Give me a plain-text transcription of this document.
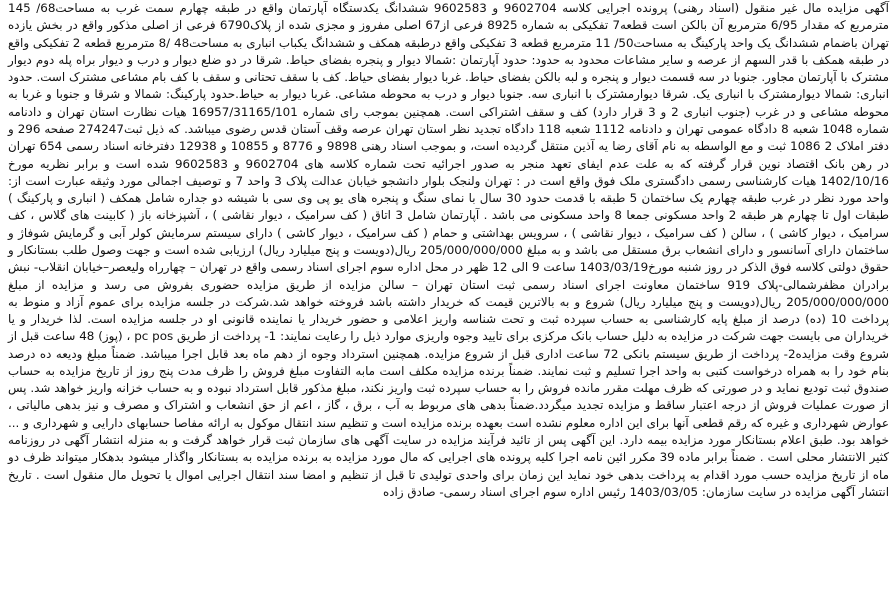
آگهی مزایده مال غیر منقول (اسناد رهنی) پرونده اجرایی کلاسه 9602704 و 9602583 ششدانگ یکدستگاه آپارتمان واقع در طبقه چهارم سمت غرب به مساحت68/ 145 مترمربع که مقدار 6/95 مترمربع آن بالکن است قطعه7 تفکیکی به شماره 8925 فرعی از67 اصلی مفروز و مجزی شده از پلاک6790 فرعی از اصلی مذکور واقع در بخش یازده تهران باضمام ششدانگ یک واحد پارکینگ به مساحت50/ 11 مترمربع قطعه 3 تفکیکی واقع درطبقه همکف و ششدانگ یکباب انباری به مساحت48 /8 مترمربع قطعه 2 تفکیکی واقع در طبقه همکف با قدر السهم از عرصه و سایر مشاعات محدود به حدود: حدود آپارتمان :شمالا دیوار و پنجره بفضای حیاط. شرقا در دو ضلع دیوار و درب و دیوار براه پله دوم دیوار مشترک با آپارتمان مجاور. جنوبا در سه قسمت دیوار و پنجره و لبه بالکن بفضای حیاط. غربا دیوار بفضای حیاط. کف با سقف تحتانی و سقف با کف بام مشاعی مشترک است. حدود انباری: شمالا دیوارمشترک با انباری یک. شرقا دیوارمشترک با انباری سه. جنوبا دیوار و درب به محوطه مشاعی. غربا دیوار به حیاط.حدود پارکینگ: شمالا و شرقا و جنوبا و غربا به محوطه مشاعی و در غرب (جنوب انباری 2 و 3 قرار دارد) کف و سقف اشتراکی است. همچنین بموجب رای شماره 16957/31165/101 هیات نظارت استان تهران و دادنامه شماره 1048 شعبه 8 دادگاه عمومی تهران و دادنامه 1112 شعبه 118 دادگاه تجدید نظر استان تهران عرصه وقف آستان قدس رضوی میباشد. که ذیل ثبت274247 صفحه 296 و دفتر املاک 2 1086 ثبت و مع الواسطه به نام آقای رضا یه آذین منتقل گردیده است، و بموجب اسناد رهنی 9898 و 8776 و 10855 و 12938 دفترخانه اسناد رسمی 654 تهران در رهن بانک اقتصاد نوین قرار گرفته که به علت عدم ایفای تعهد منجر به صدور اجرائیه تحت شماره کلاسه های 9602704 و 9602583 شده است و برابر نظریه مورخ 1402/10/16 هیات کارشناسی رسمی دادگستری ملک فوق واقع است در : تهران ولنجک بلوار دانشجو خیابان عدالت پلاک 3 واحد 7 و توصیف اجمالی مورد وثیقه عبارت است از: واحد مورد نظر در غرب طبقه چهارم یک ساختمان 5 طبقه با قدمت حدود 30 سال با نمای سنگ و پنجره های یو پی وی سی با شیشه دو جداره شامل همکف ( انباری و پارکینگ ) طبقات اول تا چهارم هر طبقه 2 واحد مسکونی جمعا 8 واحد مسکونی می باشد . آپارتمان شامل 3 اتاق ( کف سرامیک ، دیوار نقاشی ) ، آشپزخانه باز ( کابینت های گلاس ، کف سرامیک ، دیوار کاشی ) ، سالن ( کف سرامیک ، دیوار نقاشی ) ، سرویس بهداشتی و حمام ( کف سرامیک ، دیوار کاشی ) دارای سیستم سرمایش کولر آبی و گرمایش شوفاژ و ساختمان دارای آسانسور و دارای انشعاب برق مستقل می باشد و به مبلغ 205/000/000/000 ریال(دویست و پنج میلیارد ریال) ارزیابی شده است و جهت وصول طلب بستانکار و حقوق دولتی کلاسه فوق الذکر در روز شنبه مورخ1403/03/19 ساعت 9 الی 12 ظهر در محل اداره سوم اجرای اسناد رسمی واقع در تهران – چهارراه ولیعصر–خیابان انقلاب- نبش برادران مظفرشمالی-پلاک 919 ساختمان معاونت اجرای اسناد رسمی ثبت استان تهران – سالن مزایده از طریق مزایده حضوری بفروش می رسد و مزایده از مبلغ 205/000/000/000 ریال(دویست و پنج میلیارد ریال) شروع و به بالاترین قیمت که خریدار داشته باشد فروخته خواهد شد.شرکت در جلسه مزایده برای عموم آزاد و منوط به پرداخت 10 (ده) درصد از مبلغ پایه کارشناسی به حساب سپرده ثبت و تحت شناسه واریز اعلامی و حضور خریدار یا نماینده قانونی او در جلسه مزایده است. لذا خریدار و یا خریداران می بایست جهت شرکت در مزایده به دلیل حساب بانک مرکزی برای تایید وجوه واریزی موارد ذیل را رعایت نمایند: 1- پرداخت از طریق pc pos ، (پوز) 48 ساعت قبل از شروع وقت مزایده2- پرداخت از طریق سیستم بانکی 72 ساعت اداری قبل از شروع مزایده. همچنین استرداد وجوه از دهم ماه بعد قابل اجرا میباشد. ضمناً مبلغ ودیعه ده درصد بنام خود را به همراه درخواست کتبی به واحد اجرا تسلیم و ثبت نمایند. ضمناً برنده مزایده مکلف است مابه التفاوت مبلغ فروش را ظرف مدت پنج روز از تاریخ مزایده به حساب صندوق ثبت تودیع نماید و در صورتی که ظرف مهلت مقرر مانده فروش را به حساب سپرده ثبت واریز نکند، مبلغ مذکور قابل استرداد نبوده و به حساب خزانه واریز خواهد شد. پس از صورت عملیات فروش از درجه اعتبار ساقط و مزایده تجدید میگردد.ضمناً بدهی های مربوط به آب ، برق ، گاز ، اعم از حق انشعاب و اشتراک و مصرف و نیز بدهی مالیاتی ، عوارض شهرداری و غیره که رقم قطعی آنها برای این اداره معلوم نشده است بعهده برنده مزایده است و تنظیم سند انتقال موکول به ارائه مفاصا حسابهای دارایی و شهرداری و ... خواهد بود. طبق اعلام بستانکار مورد مزایده بیمه دارد. این آگهی پس از تائید فرآیند مزایده در سایت آگهی های سازمان ثبت قرار خواهد گرفت و به منزله انتشار آگهی در روزنامه کثیر الانتشار محلی است . ضمناً برابر ماده 39 مکرر ائین نامه اجرا کلیه پرونده های اجرایی که مال مورد مزایده به برنده مزایده به بستانکار واگذار میشود بدهکار میتواند ظرف دو ماه از تاریخ مزایده حسب مورد اقدام به پرداخت بدهی خود نماید این زمان برای واحدی تولیدی تا قبل از تنظیم و امضا سند انتقال اجرایی اموال یا تحویل مال منقول است . تاریخ انتشار آگهی مزایده در سایت سازمان: 1403/03/05 رئیس اداره سوم اجرای اسناد رسمی- صادق زاده
